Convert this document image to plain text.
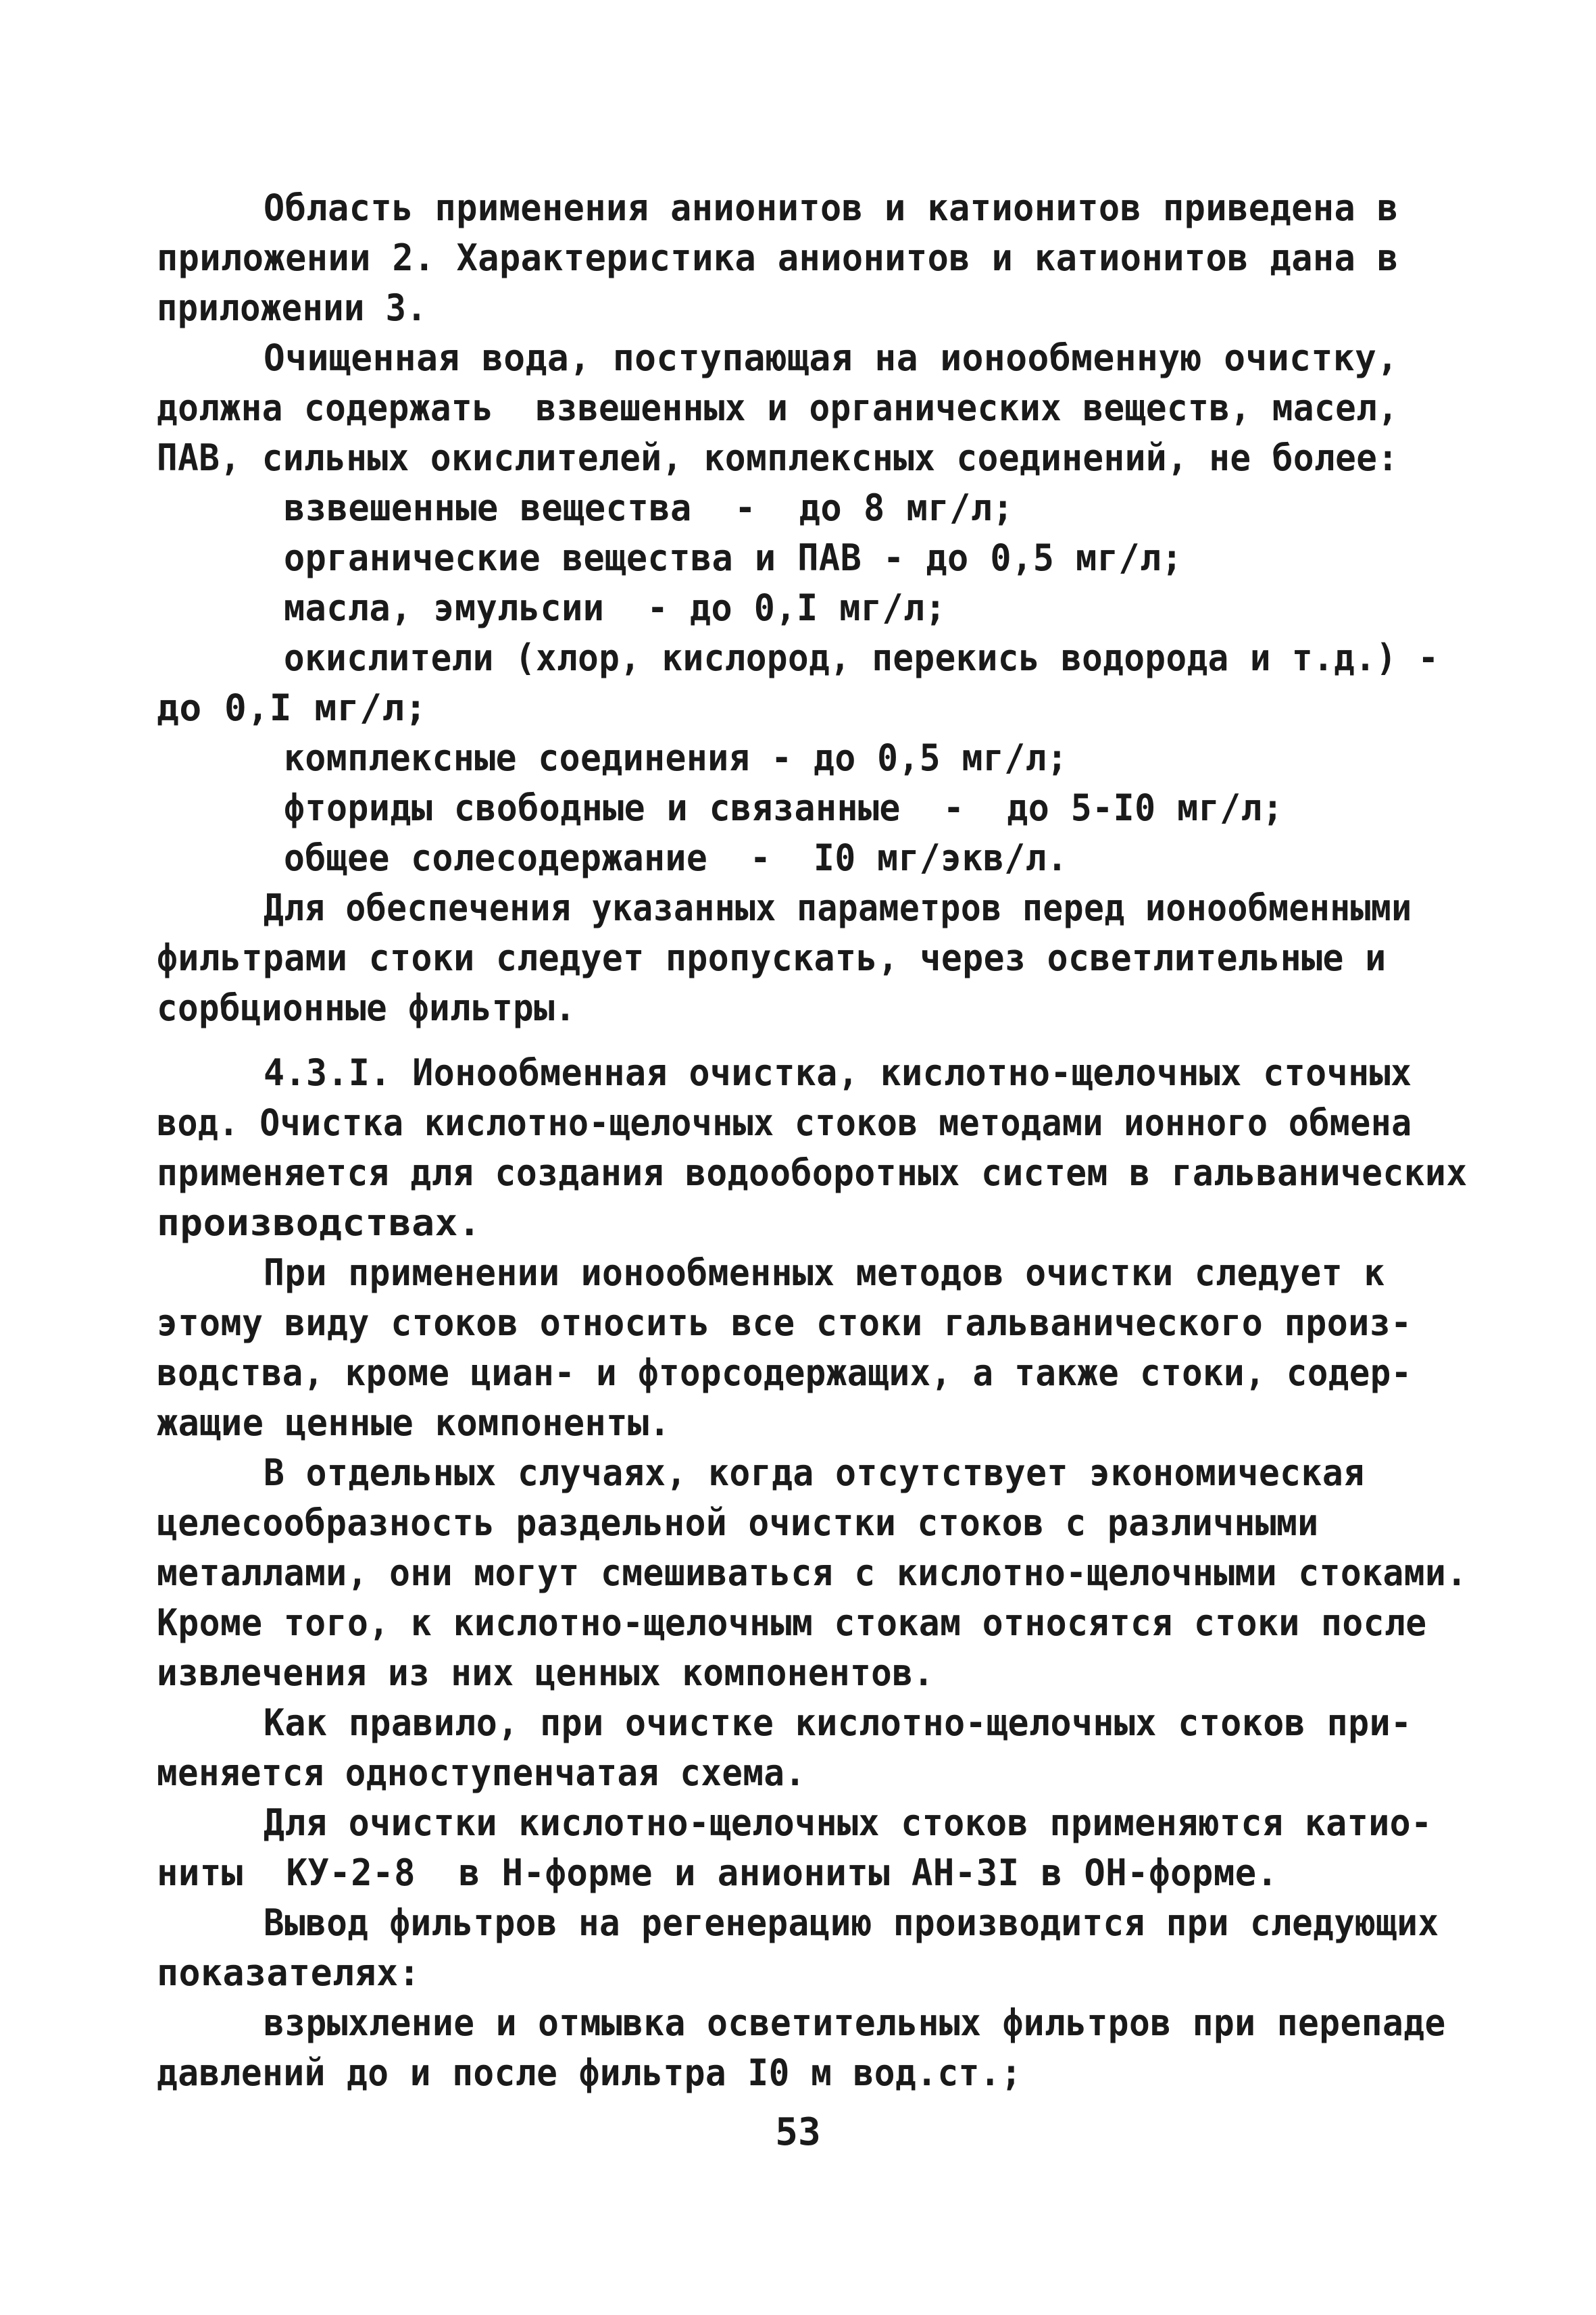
Область применения анионитов и катионитов приведена в

приложении 2. Характеристика анионитов и катионитов дана в

приложении 3.

Очищенная вода, поступающая на ионообменную очистку,

должна содержать  взвешенных и органических веществ, масел,

ПАВ, сильных окислителей, комплексных соединений, не более:

взвешенные вещества  -  до 8 мг/л;

органические вещества и ПАВ - до 0,5 мг/л;

масла, эмульсии  - до 0,I мг/л;

окислители (хлор, кислород, перекись водорода и т.д.) -

до 0,I мг/л;

комплексные соединения - до 0,5 мг/л;

фториды свободные и связанные  -  до 5-I0 мг/л;

общее солесодержание  -  I0 мг/экв/л.

Для обеспечения указанных параметров перед ионообменными

фильтрами стоки следует пропускать, через осветлительные и

сорбционные фильтры.

4.3.I. Ионообменная очистка, кислотно-щелочных сточных

вод. Очистка кислотно-щелочных стоков методами ионного обмена

применяется для создания водооборотных систем в гальванических

производствах.

При применении ионообменных методов очистки следует к

этому виду стоков относить все стоки гальванического произ-

водства, кроме циан- и фторсодержащих, а также стоки, содер-

жащие ценные компоненты.

В отдельных случаях, когда отсутствует экономическая

целесообразность раздельной очистки стоков с различными

металлами, они могут смешиваться с кислотно-щелочными стоками.

Кроме того, к кислотно-щелочным стокам относятся стоки после

извлечения из них ценных компонентов.

Как правило, при очистке кислотно-щелочных стоков при-

меняется одноступенчатая схема.

Для очистки кислотно-щелочных стоков применяются катио-

ниты  КУ-2-8  в Н-форме и аниониты АН-3I в ОН-форме.

Вывод фильтров на регенерацию производится при следующих

показателях:

взрыхление и отмывка осветительных фильтров при перепаде

давлений до и после фильтра I0 м вод.ст.;

53
